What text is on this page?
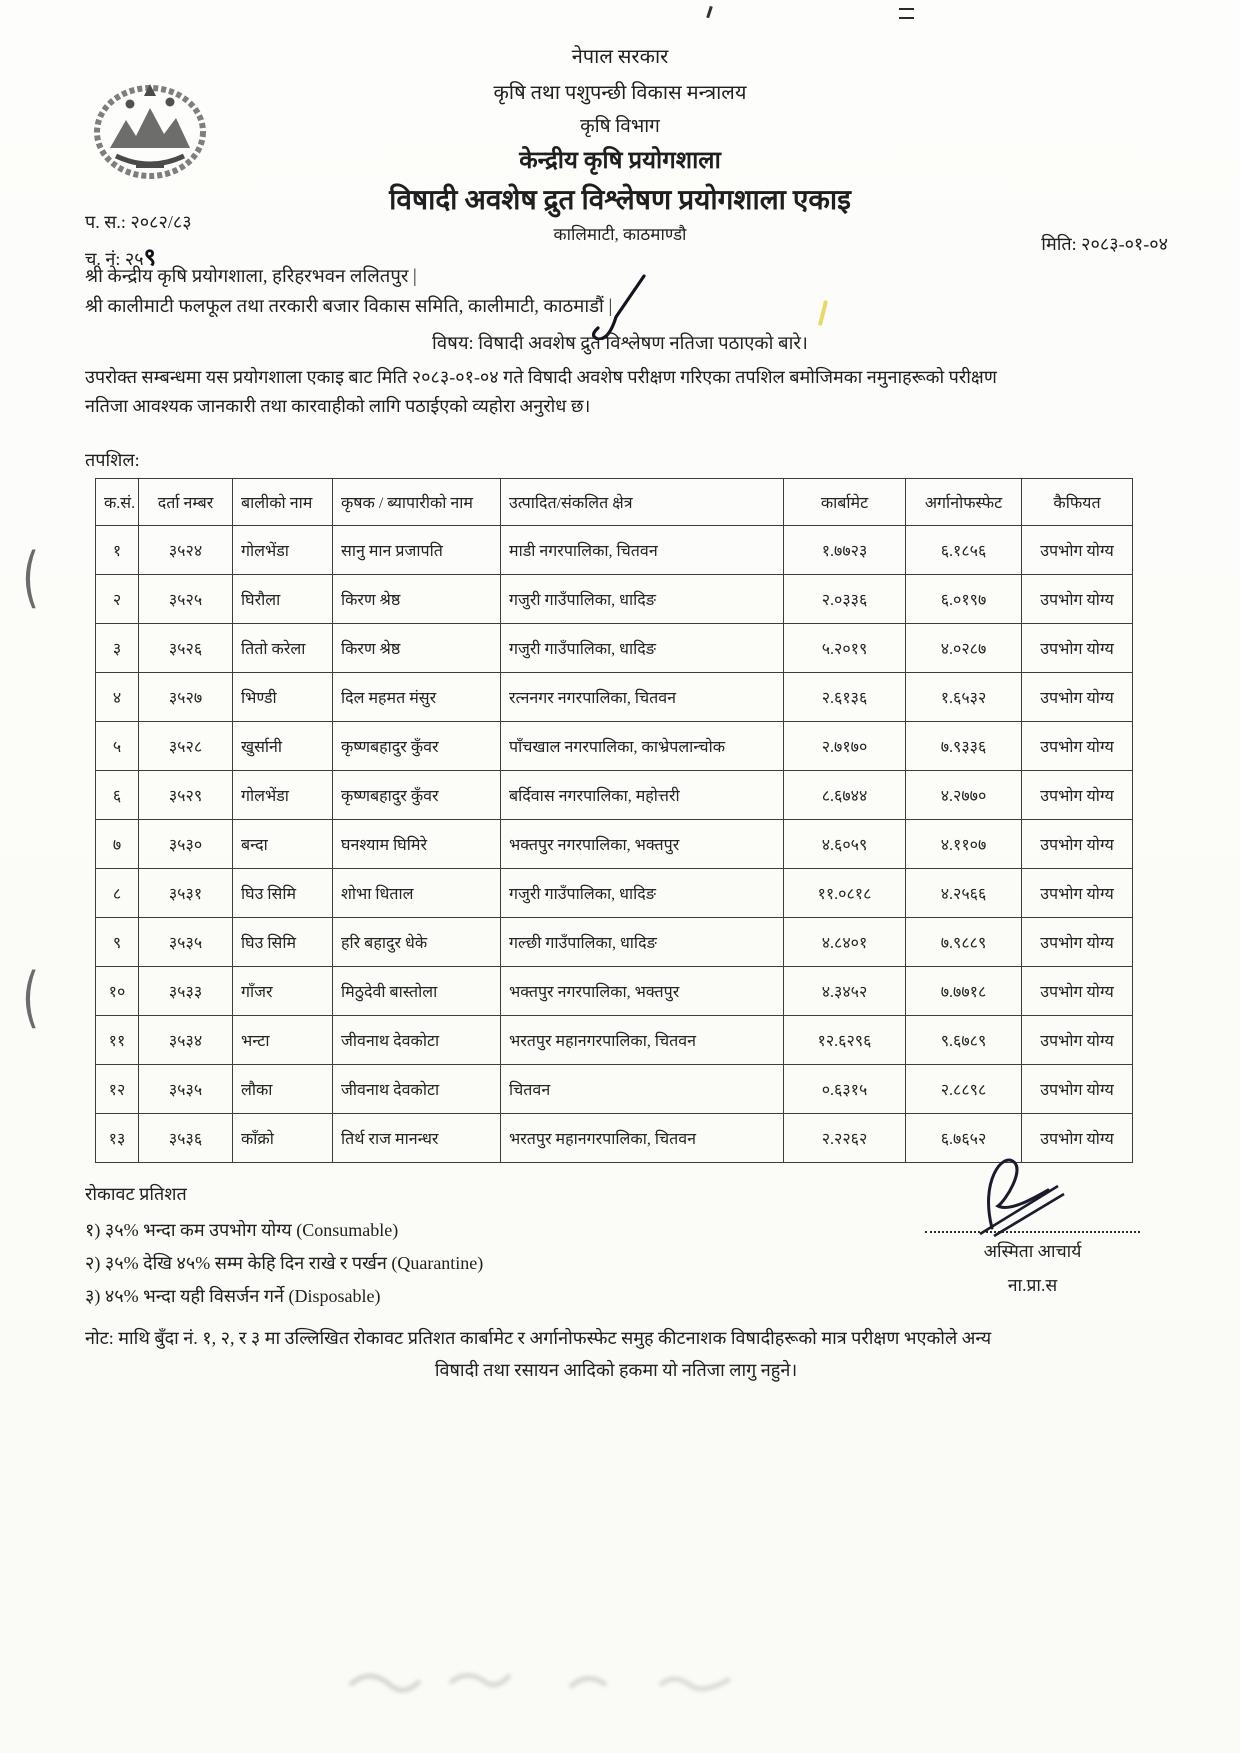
नेपाल सरकार
कृषि तथा पशुपन्छी विकास मन्त्रालय
कृषि विभाग
केन्द्रीय कृषि प्रयोगशाला
विषादी अवशेष द्रुत विश्लेषण प्रयोगशाला एकाइ
कालिमाटी, काठमाण्डौ
प. स.: २०८२/८३
च. नं: २५९	मिति: २०८३-०१-०४
श्री केन्द्रीय कृषि प्रयोगशाला, हरिहरभवन ललितपुर |
श्री कालीमाटी फलफूल तथा तरकारी बजार विकास समिति, कालीमाटी, काठमाडौं |
विषय: विषादी अवशेष द्रुत विश्लेषण नतिजा पठाएको बारे।
उपरोक्त सम्बन्धमा यस प्रयोगशाला एकाइ बाट मिति २०८३-०१-०४ गते विषादी अवशेष परीक्षण गरिएका तपशिल बमोजिमका नमुनाहरूको परीक्षण
नतिजा आवश्यक जानकारी तथा कारवाहीको लागि पठाईएको व्यहोरा अनुरोध छ।
तपशिल:
क.सं.	दर्ता नम्बर	बालीको नाम	कृषक / ब्यापारीको नाम	उत्पादित/संकलित क्षेत्र	कार्बामेट	अर्गानोफस्फेट	कैफियत
१	३५२४	गोलभेंडा	सानु मान प्रजापति	माडी नगरपालिका, चितवन	१.७७२३	६.१८५६	उपभोग योग्य
२	३५२५	घिरौला	किरण श्रेष्ठ	गजुरी गाउँपालिका, धादिङ	२.०३३६	६.०१९७	उपभोग योग्य
३	३५२६	तितो करेला	किरण श्रेष्ठ	गजुरी गाउँपालिका, धादिङ	५.२०१९	४.०२८७	उपभोग योग्य
४	३५२७	भिण्डी	दिल महमत मंसुर	रत्ननगर नगरपालिका, चितवन	२.६१३६	१.६५३२	उपभोग योग्य
५	३५२८	खुर्सानी	कृष्णबहादुर कुँवर	पाँचखाल नगरपालिका, काभ्रेपलान्चोक	२.७१७०	७.९३३६	उपभोग योग्य
६	३५२९	गोलभेंडा	कृष्णबहादुर कुँवर	बर्दिवास नगरपालिका, महोत्तरी	८.६७४४	४.२७७०	उपभोग योग्य
७	३५३०	बन्दा	घनश्याम घिमिरे	भक्तपुर नगरपालिका, भक्तपुर	४.६०५९	४.११०७	उपभोग योग्य
८	३५३१	घिउ सिमि	शोभा धिताल	गजुरी गाउँपालिका, धादिङ	११.०८१८	४.२५६६	उपभोग योग्य
९	३५३५	घिउ सिमि	हरि बहादुर धेके	गल्छी गाउँपालिका, धादिङ	४.८४०१	७.९८८९	उपभोग योग्य
१०	३५३३	गाँजर	मिठुदेवी बास्तोला	भक्तपुर नगरपालिका, भक्तपुर	४.३४५२	७.७७१८	उपभोग योग्य
११	३५३४	भन्टा	जीवनाथ देवकोटा	भरतपुर महानगरपालिका, चितवन	१२.६२९६	९.६७८९	उपभोग योग्य
१२	३५३५	लौका	जीवनाथ देवकोटा	चितवन	०.६३१५	२.८८९८	उपभोग योग्य
१३	३५३६	काँक्रो	तिर्थ राज मानन्धर	भरतपुर महानगरपालिका, चितवन	२.२२६२	६.७६५२	उपभोग योग्य
रोकावट प्रतिशत
१) ३५% भन्दा कम उपभोग योग्य (Consumable)
२) ३५% देखि ४५% सम्म केहि दिन राखे र पर्खन (Quarantine)
३) ४५% भन्दा यही विसर्जन गर्ने (Disposable)
अस्मिता आचार्य
ना.प्रा.स
नोट: माथि बुँदा नं. १, २, र ३ मा उल्लिखित रोकावट प्रतिशत कार्बामेट र अर्गानोफस्फेट समुह कीटनाशक विषादीहरूको मात्र परीक्षण भएकोले अन्य
विषादी तथा रसायन आदिको हकमा यो नतिजा लागु नहुने।
(
(
